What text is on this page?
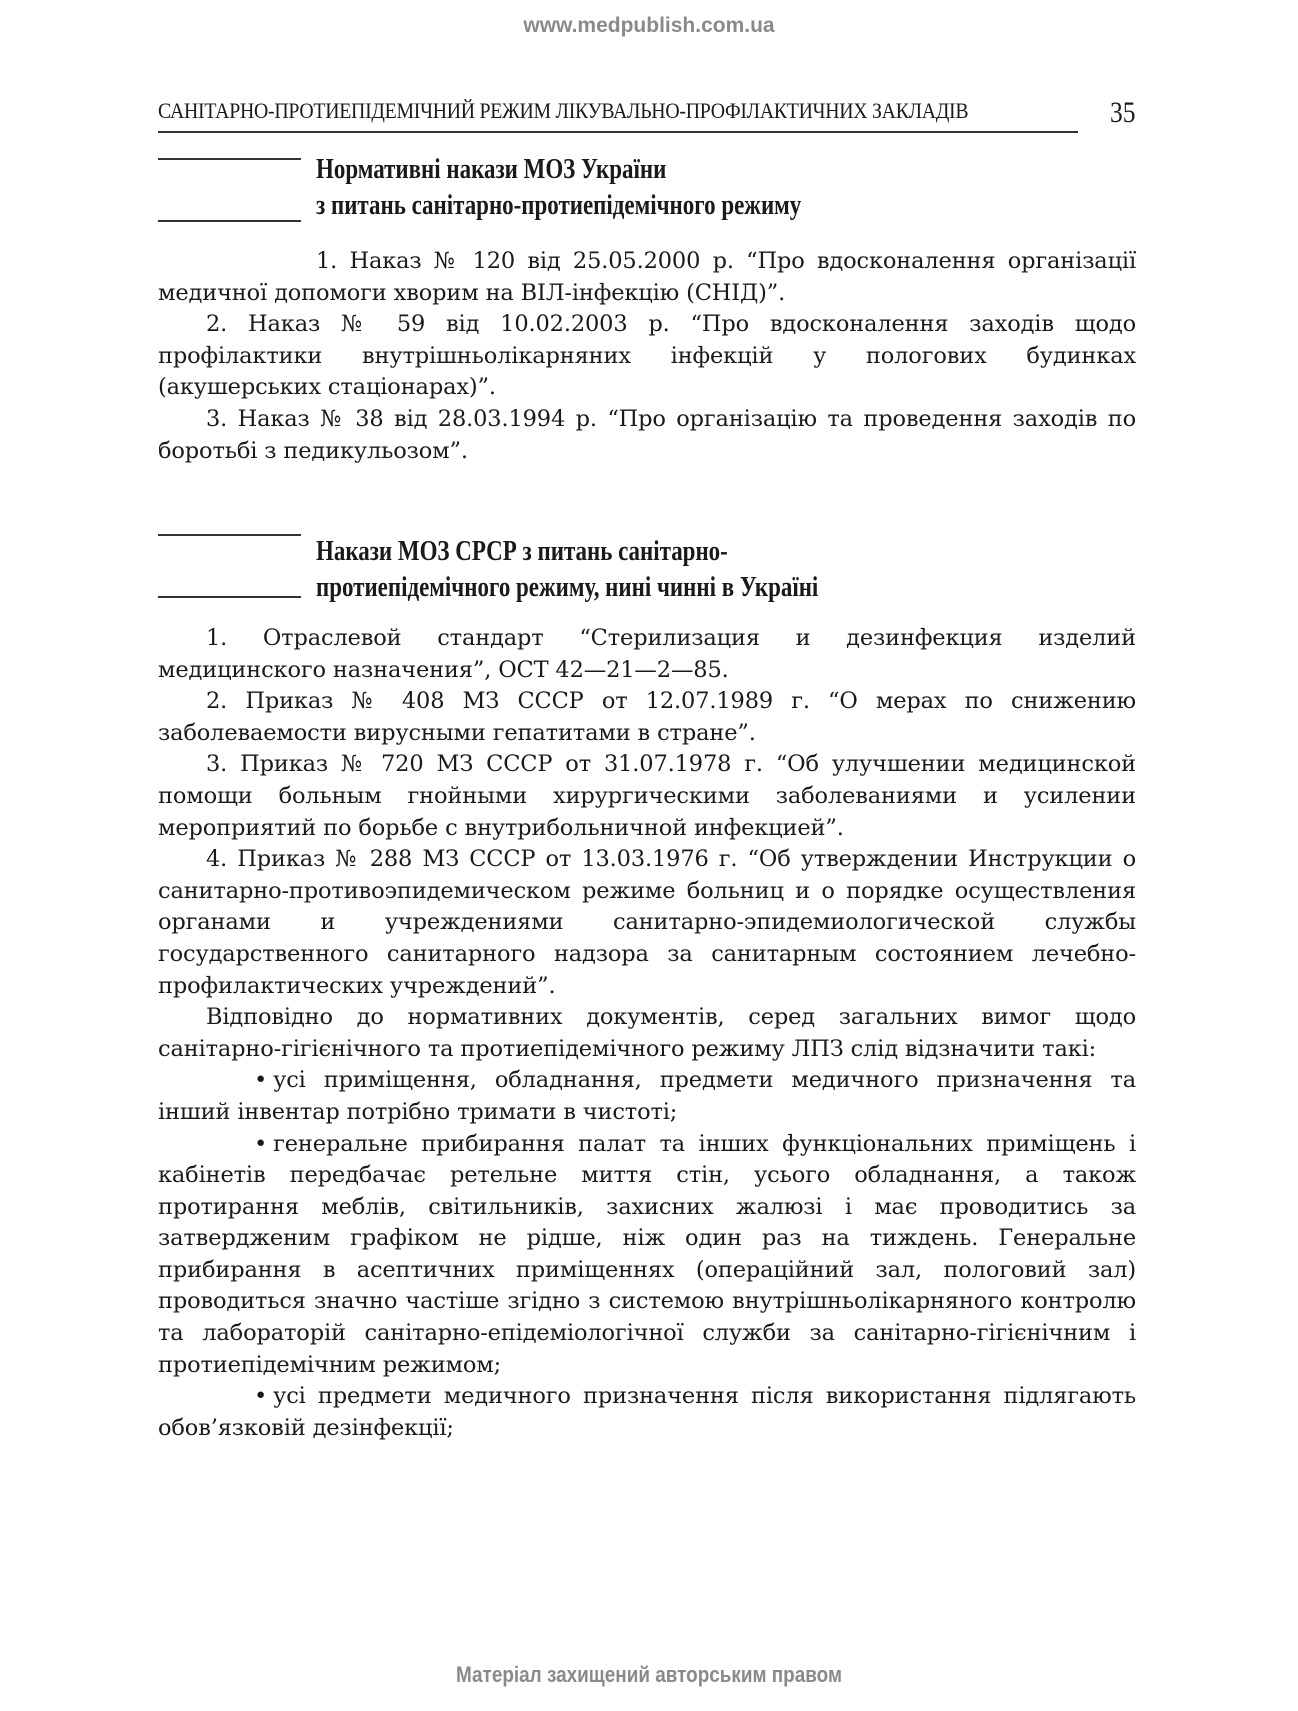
www.medpublish.com.ua
САНІТАРНО-ПРОТИЕПІДЕМІЧНИЙ РЕЖИМ ЛІКУВАЛЬНО-ПРОФІЛАКТИЧНИХ ЗАКЛАДІВ	35
Нормативні накази МОЗ України
з питань санітарно-протиепідемічного режиму

1. Наказ № 120 від 25.05.2000 р. “Про вдосконалення організації медичної допомоги хворим на ВІЛ-інфекцію (СНІД)”.

2. Наказ № 59 від 10.02.2003 р. “Про вдосконалення заходів щодо профілактики внутрішньолікарняних інфекцій у пологових будинках (акушерських стаціонарах)”.

3. Наказ № 38 від 28.03.1994 р. “Про організацію та проведення заходів по боротьбі з педикульозом”.

Накази МОЗ СРСР з питань санітарно-
протиепідемічного режиму, нині чинні в Україні

1. Отраслевой стандарт “Стерилизация и дезинфекция изделий медицинского назначения”, ОСТ 42—21—2—85.

2. Приказ № 408 МЗ СССР от 12.07.1989 г. “О мерах по снижению заболеваемости вирусными гепатитами в стране”.

3. Приказ № 720 МЗ СССР от 31.07.1978 г. “Об улучшении медицинской помощи больным гнойными хирургическими заболеваниями и усилении мероприятий по борьбе с внутрибольничной инфекцией”.

4. Приказ № 288 МЗ СССР от 13.03.1976 г. “Об утверждении Инструкции о санитарно-противоэпидемическом режиме больниц и о порядке осуществления органами и учреждениями санитарно-эпидемиологической службы государственного санитарного надзора за санитарным состоянием лечебно-профилактических учреждений”.

Відповідно до нормативних документів, серед загальних вимог щодо санітарно-гігієнічного та протиепідемічного режиму ЛПЗ слід відзначити такі:

• усі приміщення, обладнання, предмети медичного призначення та інший інвентар потрібно тримати в чистоті;

• генеральне прибирання палат та інших функціональних приміщень і кабінетів передбачає ретельне миття стін, усього обладнання, а також протирання меблів, світильників, захисних жалюзі і має проводитись за затвердженим графіком не рідше, ніж один раз на тиждень. Генеральне прибирання в асептичних приміщеннях (операційний зал, пологовий зал) проводиться значно частіше згідно з системою внутрішньолікарняного контролю та лабораторій санітарно-епідеміологічної служби за санітарно-гігієнічним і протиепідемічним режимом;

• усі предмети медичного призначення після використання підлягають обов’язковій дезінфекції;

Матеріал захищений авторським правом
